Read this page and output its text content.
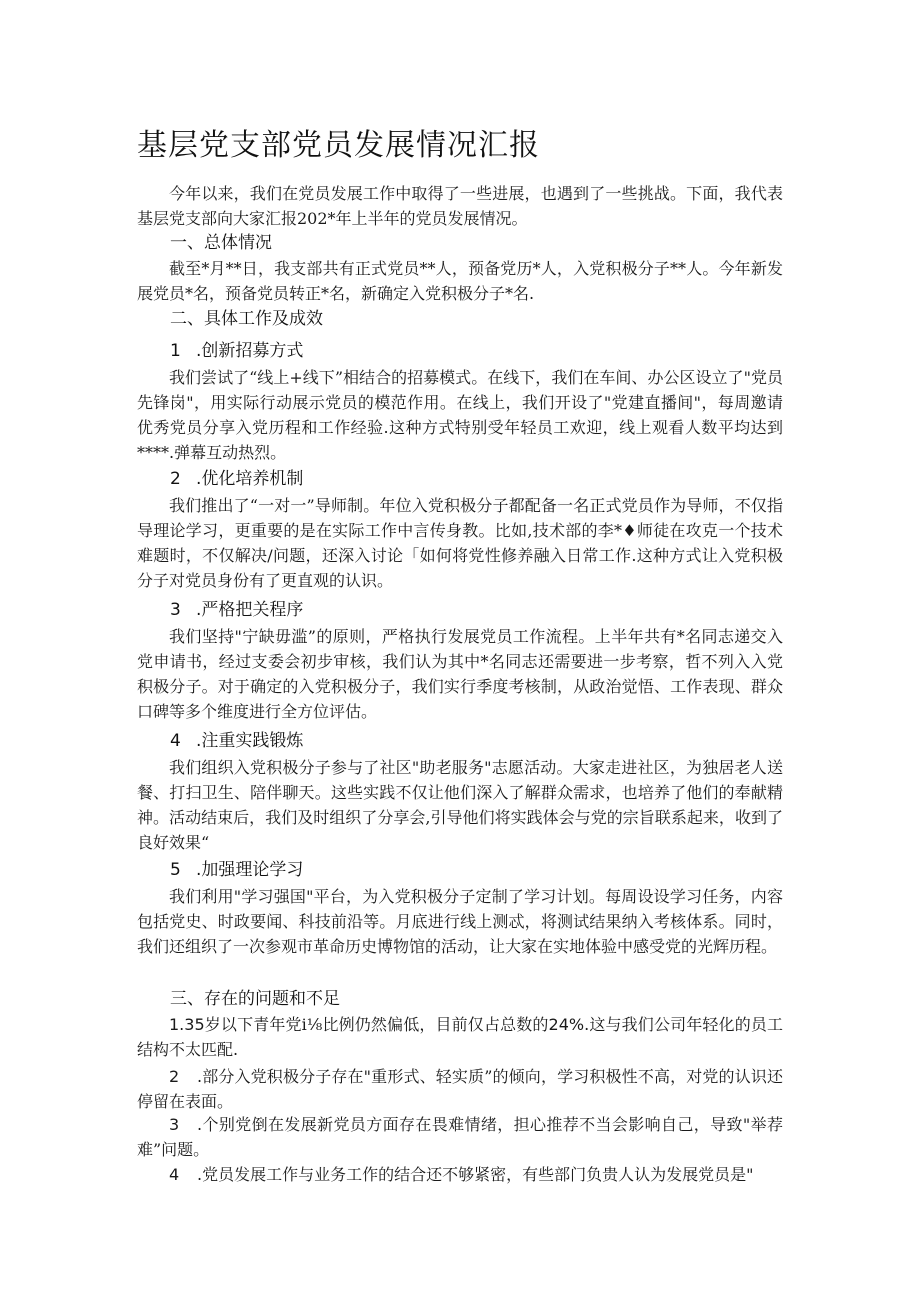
基层党支部党员发展情况汇报

今年以来，我们在党员发展工作中取得了一些进展，也遇到了一些挑战。下面，我代表基层党支部向大家汇报202*年上半年的党员发展情况。

一、总体情况

截至*月**日，我支部共有正式党员**人，预备党历*人，入党积极分子**人。今年新发展党员*名，预备党员转正*名，新确定入党积极分子*名.

二、具体工作及成效
1 .创新招募方式

我们尝试了“线上+线下”相结合的招募模式。在线下，我们在车间、办公区设立了"党员先锋岗"，用实际行动展示党员的模范作用。在线上，我们开设了"党建直播间"，每周邀请优秀党员分享入党历程和工作经验.这种方式特别受年轻员工欢迎，线上观看人数平均达到****.弹幕互动热烈。

2 .优化培养机制

我们推出了“一对一”导师制。年位入党积极分子都配备一名正式党员作为导师，不仅指导理论学习，更重要的是在实际工作中言传身教。比如,技术部的李*♦师徒在攻克一个技术难题时，不仅解决/问题，还深入讨论「如何将党性修养融入日常工作.这种方式让入党积极分子对党员身份有了更直观的认识。

3 .严格把关程序

我们坚持"宁缺毋滥”的原则，严格执行发展党员工作流程。上半年共有*名同志递交入党申请书，经过支委会初步审核，我们认为其中*名同志还需要进一步考察，哲不列入入党积极分子。对于确定的入党积极分子，我们实行季度考核制，从政治觉悟、工作表现、群众口碑等多个维度进行全方位评估。

4 .注重实践锻炼

我们组织入党积极分子参与了社区"助老服务"志愿活动。大家走进社区，为独居老人送餐、打扫卫生、陪伴聊天。这些实践不仅让他们深入了解群众需求，也培养了他们的奉献精神。活动结束后，我们及时组织了分享会,引导他们将实践体会与党的宗旨联系起来，收到了良好效果“

5 .加强理论学习

我们利用"学习强国"平台，为入党积极分子定制了学习计划。每周设设学习任务，内容包括党史、时政要闻、科技前沿等。月底进行线上测忒，将测试结果纳入考核体系。同时，我们还组织了一次参观市革命历史博物馆的活动，让大家在实地体验中感受党的光辉历程。

三、存在的问题和不足

1.35岁以下青年党i⅛比例仍然偏低，目前仅占总数的24%.这与我们公司年轻化的员工结构不太匹配.

2 .部分入党积极分子存在"重形式、轻实质”的倾向，学习积极性不高，对党的认识还停留在表面。

3 .个别党倒在发展新党员方面存在畏难情绪，担心推荐不当会影响自己，导致"举荐难”问题。

4 .党员发展工作与业务工作的结合还不够紧密，有些部门负贵人认为发展党员是"
